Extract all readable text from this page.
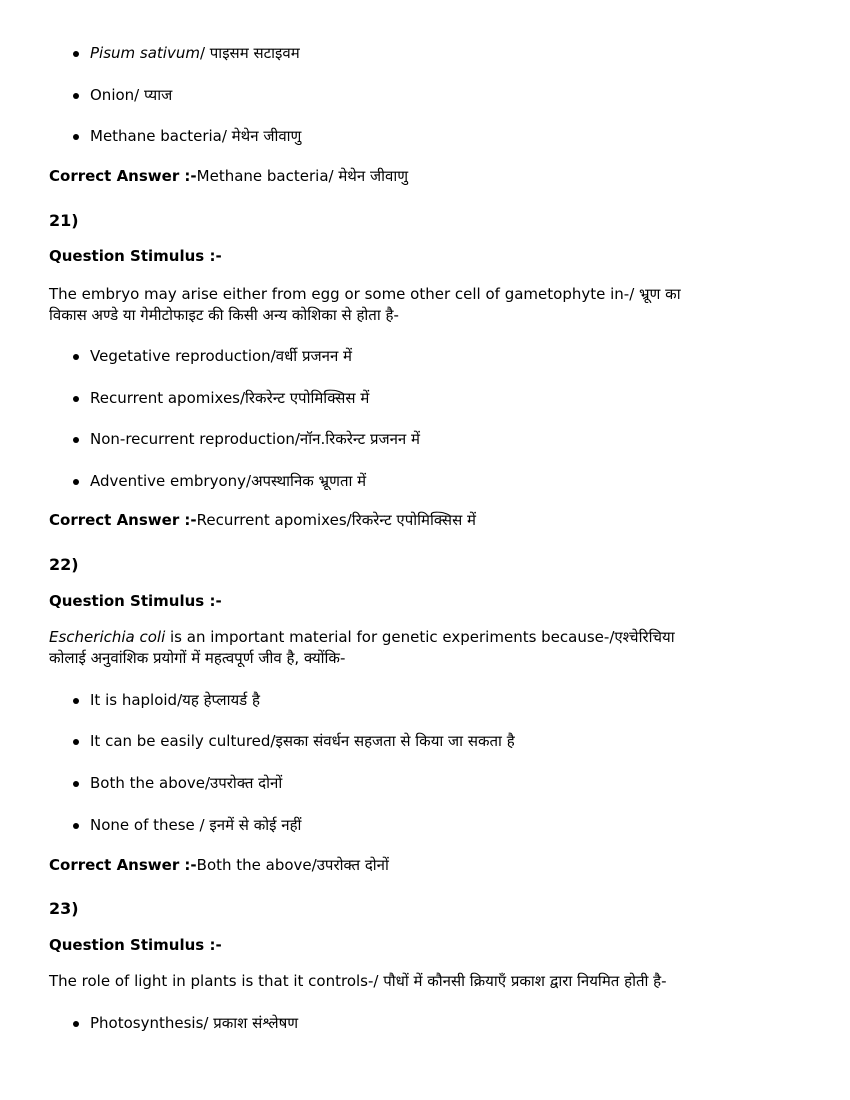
Pisum sativum/ पाइसम सटाइवम
Onion/ प्याज
Methane bacteria/ मेथेन जीवाणु
Correct Answer :-Methane bacteria/ मेथेन जीवाणु
21)
Question Stimulus :-
The embryo may arise either from egg or some other cell of gametophyte in-/ भ्रूण का
विकास अण्डे या गेमीटोफाइट की किसी अन्य कोशिका से होता है-
Vegetative reproduction/वर्धी प्रजनन में
Recurrent apomixes/रिकरेन्ट एपोमिक्सिस में
Non-recurrent reproduction/नॉन.रिकरेन्ट प्रजनन में
Adventive embryony/अपस्थानिक भ्रूणता में
Correct Answer :-Recurrent apomixes/रिकरेन्ट एपोमिक्सिस में
22)
Question Stimulus :-
Escherichia coli is an important material for genetic experiments because-/एश्चेरिचिया
कोलाई अनुवांशिक प्रयोगों में महत्वपूर्ण जीव है, क्योंकि-
It is haploid/यह हेप्लायर्ड है
It can be easily cultured/इसका संवर्धन सहजता से किया जा सकता है
Both the above/उपरोक्त दोनों
None of these / इनमें से कोई नहीं
Correct Answer :-Both the above/उपरोक्त दोनों
23)
Question Stimulus :-
The role of light in plants is that it controls-/ पौधों में कौनसी क्रियाएँ प्रकाश द्वारा नियमित होती है-
Photosynthesis/ प्रकाश संश्लेषण
